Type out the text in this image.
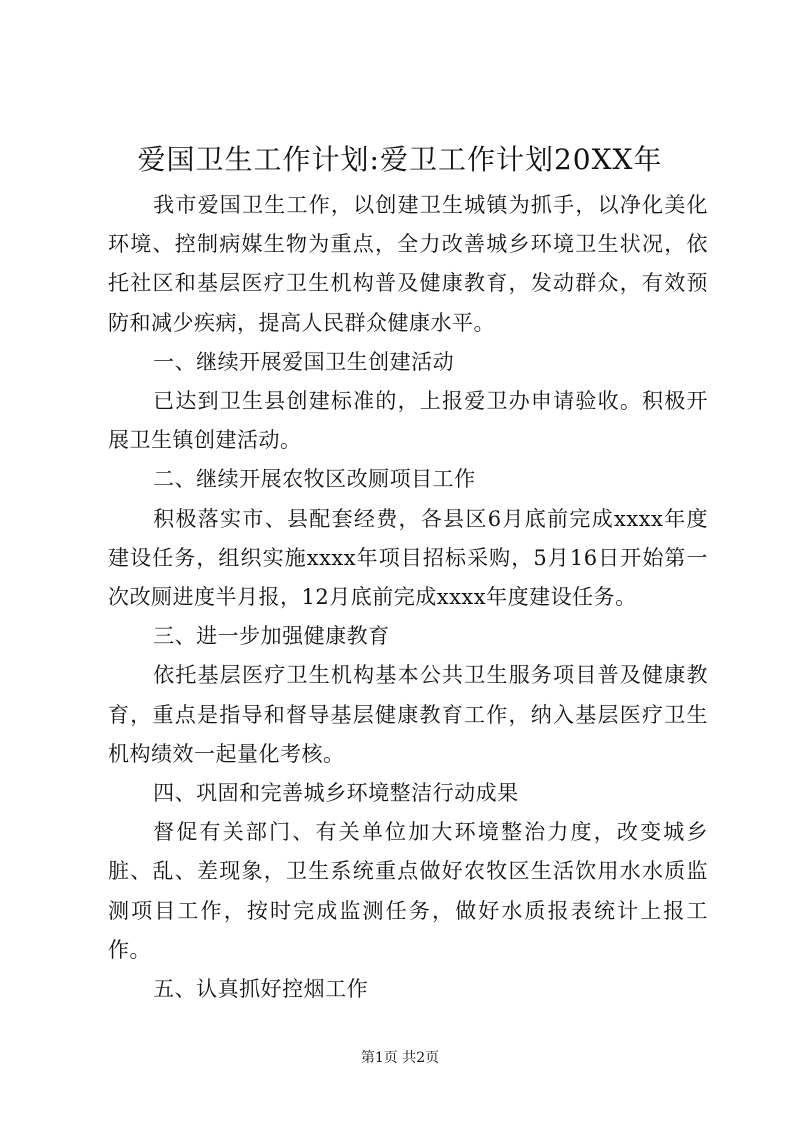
爱国卫生工作计划:爱卫工作计划20XX年

我市爱国卫生工作，以创建卫生城镇为抓手，以净化美化环境、控制病媒生物为重点，全力改善城乡环境卫生状况，依托社区和基层医疗卫生机构普及健康教育，发动群众，有效预防和减少疾病，提高人民群众健康水平。

一、继续开展爱国卫生创建活动

已达到卫生县创建标准的，上报爱卫办申请验收。积极开展卫生镇创建活动。

二、继续开展农牧区改厕项目工作

积极落实市、县配套经费，各县区6月底前完成xxxx年度建设任务，组织实施xxxx年项目招标采购，5月16日开始第一次改厕进度半月报，12月底前完成xxxx年度建设任务。

三、进一步加强健康教育

依托基层医疗卫生机构基本公共卫生服务项目普及健康教育，重点是指导和督导基层健康教育工作，纳入基层医疗卫生机构绩效一起量化考核。

四、巩固和完善城乡环境整洁行动成果

督促有关部门、有关单位加大环境整治力度，改变城乡脏、乱、差现象，卫生系统重点做好农牧区生活饮用水水质监测项目工作，按时完成监测任务，做好水质报表统计上报工作。

五、认真抓好控烟工作

第1页 共2页
